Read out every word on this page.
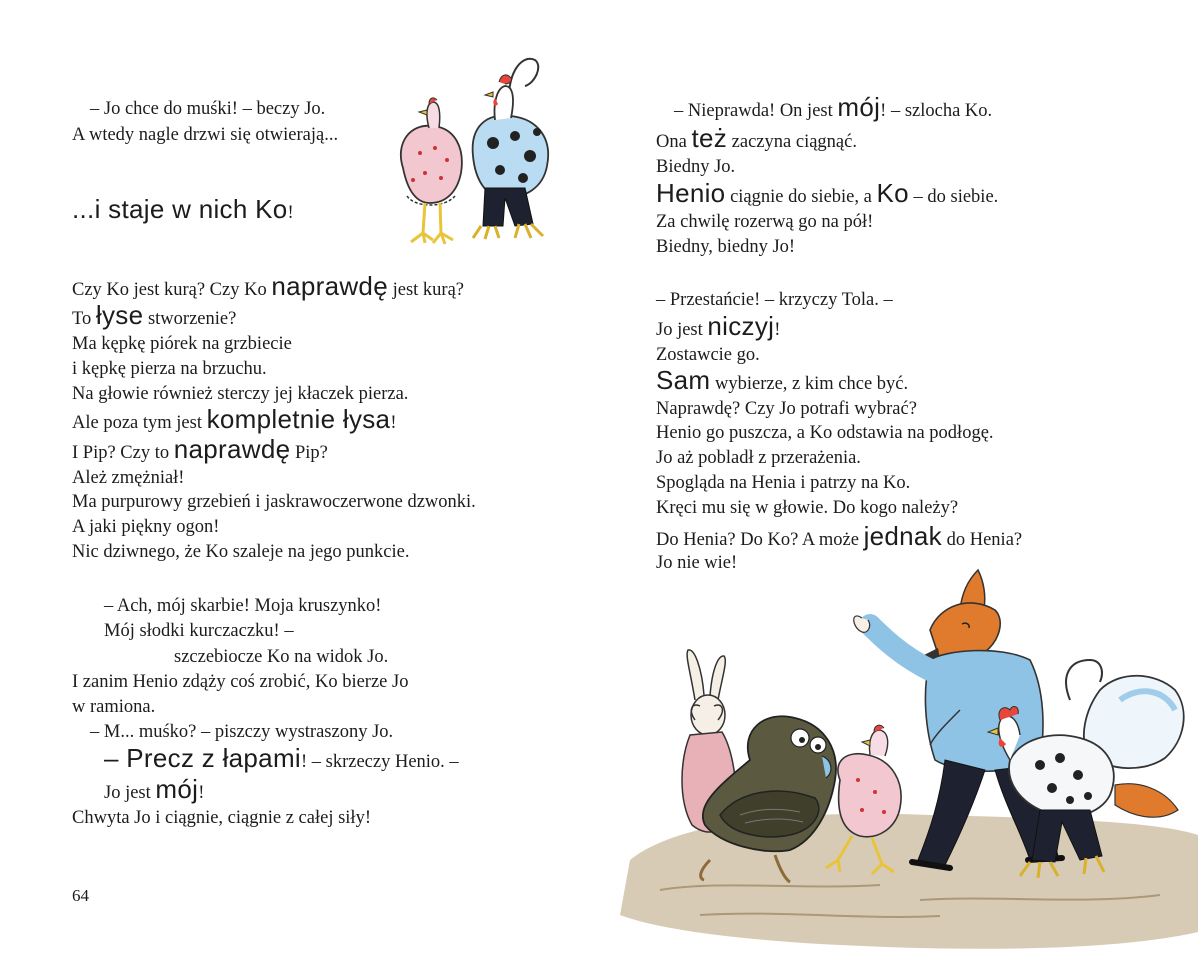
– Jo chce do muśki! – beczy Jo.
A wtedy nagle drzwi się otwierają...
...i staje w nich Ko!
Czy Ko jest kurą? Czy Ko naprawdę jest kurą?
To łyse stworzenie?
Ma kępkę piórek na grzbiecie
i kępkę pierza na brzuchu.
Na głowie również sterczy jej kłaczek pierza.
Ale poza tym jest kompletnie łysa!
I Pip? Czy to naprawdę Pip?
Ależ zmężniał!
Ma purpurowy grzebień i jaskrawoczerwone dzwonki.
A jaki piękny ogon!
Nic dziwnego, że Ko szaleje na jego punkcie.
– Ach, mój skarbie! Moja kruszynko!
Mój słodki kurczaczku! –
szczebiocze Ko na widok Jo.
I zanim Henio zdąży coś zrobić, Ko bierze Jo
w ramiona.
– M... muśko? – piszczy wystraszony Jo.
– Precz z łapami! – skrzeczy Henio. –
Jo jest mój!
Chwyta Jo i ciągnie, ciągnie z całej siły!
64
– Nieprawda! On jest mój! – szlocha Ko.
Ona też zaczyna ciągnąć.
Biedny Jo.
Henio ciągnie do siebie, a Ko – do siebie.
Za chwilę rozerwą go na pół!
Biedny, biedny Jo!
– Przestańcie! – krzyczy Tola. –
Jo jest niczyj!
Zostawcie go.
Sam wybierze, z kim chce być.
Naprawdę? Czy Jo potrafi wybrać?
Henio go puszcza, a Ko odstawia na podłogę.
Jo aż pobladł z przerażenia.
Spogląda na Henia i patrzy na Ko.
Kręci mu się w głowie. Do kogo należy?
Do Henia? Do Ko? A może jednak do Henia?
Jo nie wie!
